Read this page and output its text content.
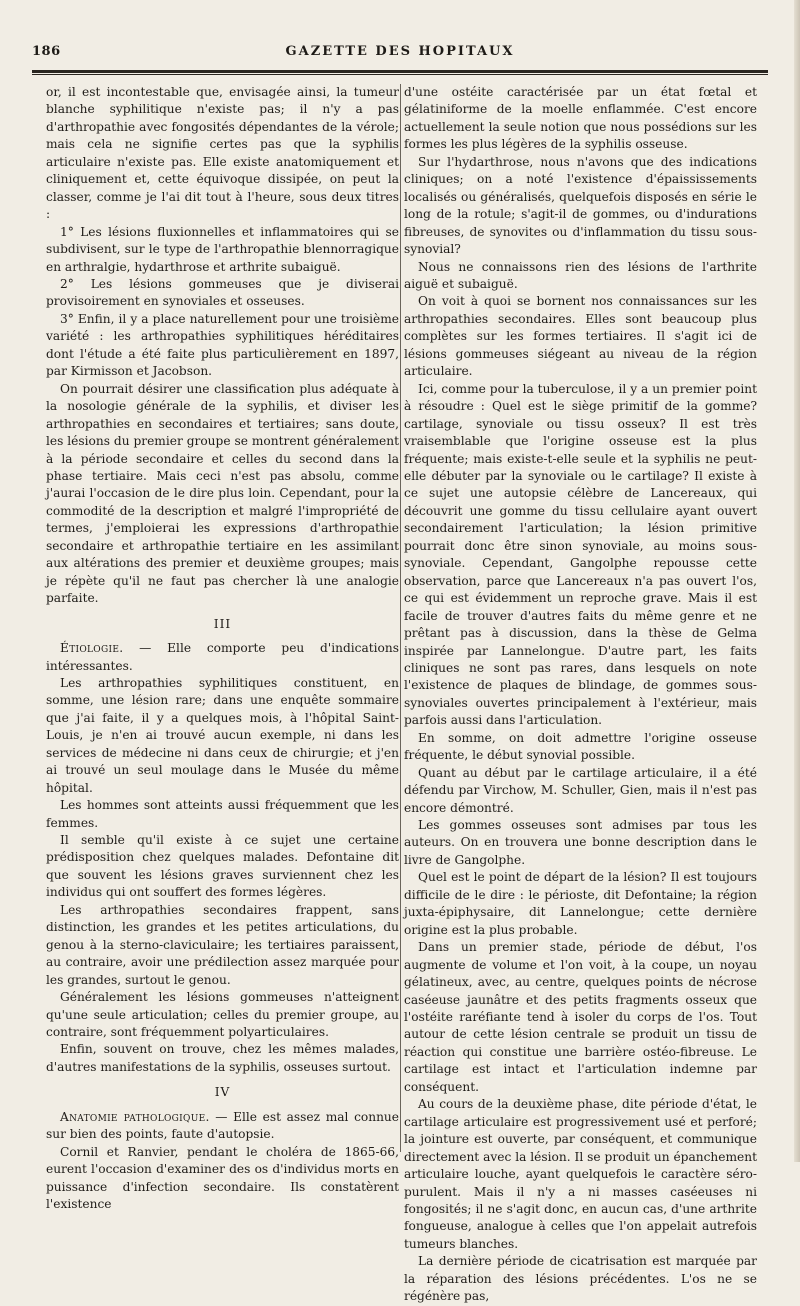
186	GAZETTE DES HOPITAUX

or, il est incontestable que, envisagée ainsi, la tumeur blanche syphilitique n'existe pas; il n'y a pas d'arthropathie avec fongosités dépendantes de la vérole; mais cela ne signifie certes pas que la syphilis articulaire n'existe pas. Elle existe anatomiquement et cliniquement et, cette équivoque dissipée, on peut la classer, comme je l'ai dit tout à l'heure, sous deux titres :

1° Les lésions fluxionnelles et inflammatoires qui se subdivisent, sur le type de l'arthropathie blennorragique en arthralgie, hydarthrose et arthrite subaiguë.

2° Les lésions gommeuses que je diviserai provisoirement en synoviales et osseuses.

3° Enfin, il y a place naturellement pour une troisième variété : les arthropathies syphilitiques héréditaires dont l'étude a été faite plus particulièrement en 1897, par Kirmisson et Jacobson.

On pourrait désirer une classification plus adéquate à la nosologie générale de la syphilis, et diviser les arthropathies en secondaires et tertiaires; sans doute, les lésions du premier groupe se montrent généralement à la période secondaire et celles du second dans la phase tertiaire. Mais ceci n'est pas absolu, comme j'aurai l'occasion de le dire plus loin. Cependant, pour la commodité de la description et malgré l'impropriété de termes, j'emploierai les expressions d'arthropathie secondaire et arthropathie tertiaire en les assimilant aux altérations des premier et deuxième groupes; mais je répète qu'il ne faut pas chercher là une analogie parfaite.

III

Étiologie. — Elle comporte peu d'indications intéressantes.

Les arthropathies syphilitiques constituent, en somme, une lésion rare; dans une enquête sommaire que j'ai faite, il y a quelques mois, à l'hôpital Saint-Louis, je n'en ai trouvé aucun exemple, ni dans les services de médecine ni dans ceux de chirurgie; et j'en ai trouvé un seul moulage dans le Musée du même hôpital.

Les hommes sont atteints aussi fréquemment que les femmes.

Il semble qu'il existe à ce sujet une certaine prédisposition chez quelques malades. Defontaine dit que souvent les lésions graves surviennent chez les individus qui ont souffert des formes légères.

Les arthropathies secondaires frappent, sans distinction, les grandes et les petites articulations, du genou à la sterno-claviculaire; les tertiaires paraissent, au contraire, avoir une prédilection assez marquée pour les grandes, surtout le genou.

Généralement les lésions gommeuses n'atteignent qu'une seule articulation; celles du premier groupe, au contraire, sont fréquemment polyarticulaires.

Enfin, souvent on trouve, chez les mêmes malades, d'autres manifestations de la syphilis, osseuses surtout.

IV

Anatomie pathologique. — Elle est assez mal connue sur bien des points, faute d'autopsie.

Cornil et Ranvier, pendant le choléra de 1865-66, eurent l'occasion d'examiner des os d'individus morts en puissance d'infection secondaire. Ils constatèrent l'existence

d'une ostéite caractérisée par un état fœtal et gélatiniforme de la moelle enflammée. C'est encore actuellement la seule notion que nous possédions sur les formes les plus légères de la syphilis osseuse.

Sur l'hydarthrose, nous n'avons que des indications cliniques; on a noté l'existence d'épaississements localisés ou généralisés, quelquefois disposés en série le long de la rotule; s'agit-il de gommes, ou d'indurations fibreuses, de synovites ou d'inflammation du tissu sous-synovial?

Nous ne connaissons rien des lésions de l'arthrite aiguë et subaiguë.

On voit à quoi se bornent nos connaissances sur les arthropathies secondaires. Elles sont beaucoup plus complètes sur les formes tertiaires. Il s'agit ici de lésions gommeuses siégeant au niveau de la région articulaire.

Ici, comme pour la tuberculose, il y a un premier point à résoudre : Quel est le siège primitif de la gomme? cartilage, synoviale ou tissu osseux? Il est très vraisemblable que l'origine osseuse est la plus fréquente; mais existe-t-elle seule et la syphilis ne peut-elle débuter par la synoviale ou le cartilage? Il existe à ce sujet une autopsie célèbre de Lancereaux, qui découvrit une gomme du tissu cellulaire ayant ouvert secondairement l'articulation; la lésion primitive pourrait donc être sinon synoviale, au moins sous-synoviale. Cependant, Gangolphe repousse cette observation, parce que Lancereaux n'a pas ouvert l'os, ce qui est évidemment un reproche grave. Mais il est facile de trouver d'autres faits du même genre et ne prêtant pas à discussion, dans la thèse de Gelma inspirée par Lannelongue. D'autre part, les faits cliniques ne sont pas rares, dans lesquels on note l'existence de plaques de blindage, de gommes sous-synoviales ouvertes principalement à l'extérieur, mais parfois aussi dans l'articulation.

En somme, on doit admettre l'origine osseuse fréquente, le début synovial possible.

Quant au début par le cartilage articulaire, il a été défendu par Virchow, M. Schuller, Gien, mais il n'est pas encore démontré.

Les gommes osseuses sont admises par tous les auteurs. On en trouvera une bonne description dans le livre de Gangolphe.

Quel est le point de départ de la lésion? Il est toujours difficile de le dire : le périoste, dit Defontaine; la région juxta-épiphysaire, dit Lannelongue; cette dernière origine est la plus probable.

Dans un premier stade, période de début, l'os augmente de volume et l'on voit, à la coupe, un noyau gélatineux, avec, au centre, quelques points de nécrose caséeuse jaunâtre et des petits fragments osseux que l'ostéite raréfiante tend à isoler du corps de l'os. Tout autour de cette lésion centrale se produit un tissu de réaction qui constitue une barrière ostéo-fibreuse. Le cartilage est intact et l'articulation indemne par conséquent.

Au cours de la deuxième phase, dite période d'état, le cartilage articulaire est progressivement usé et perforé; la jointure est ouverte, par conséquent, et communique directement avec la lésion. Il se produit un épanchement articulaire louche, ayant quelquefois le caractère séro-purulent. Mais il n'y a ni masses caséeuses ni fongosités; il ne s'agit donc, en aucun cas, d'une arthrite fongueuse, analogue à celles que l'on appelait autrefois tumeurs blanches.

La dernière période de cicatrisation est marquée par la réparation des lésions précédentes. L'os ne se régénère pas,
